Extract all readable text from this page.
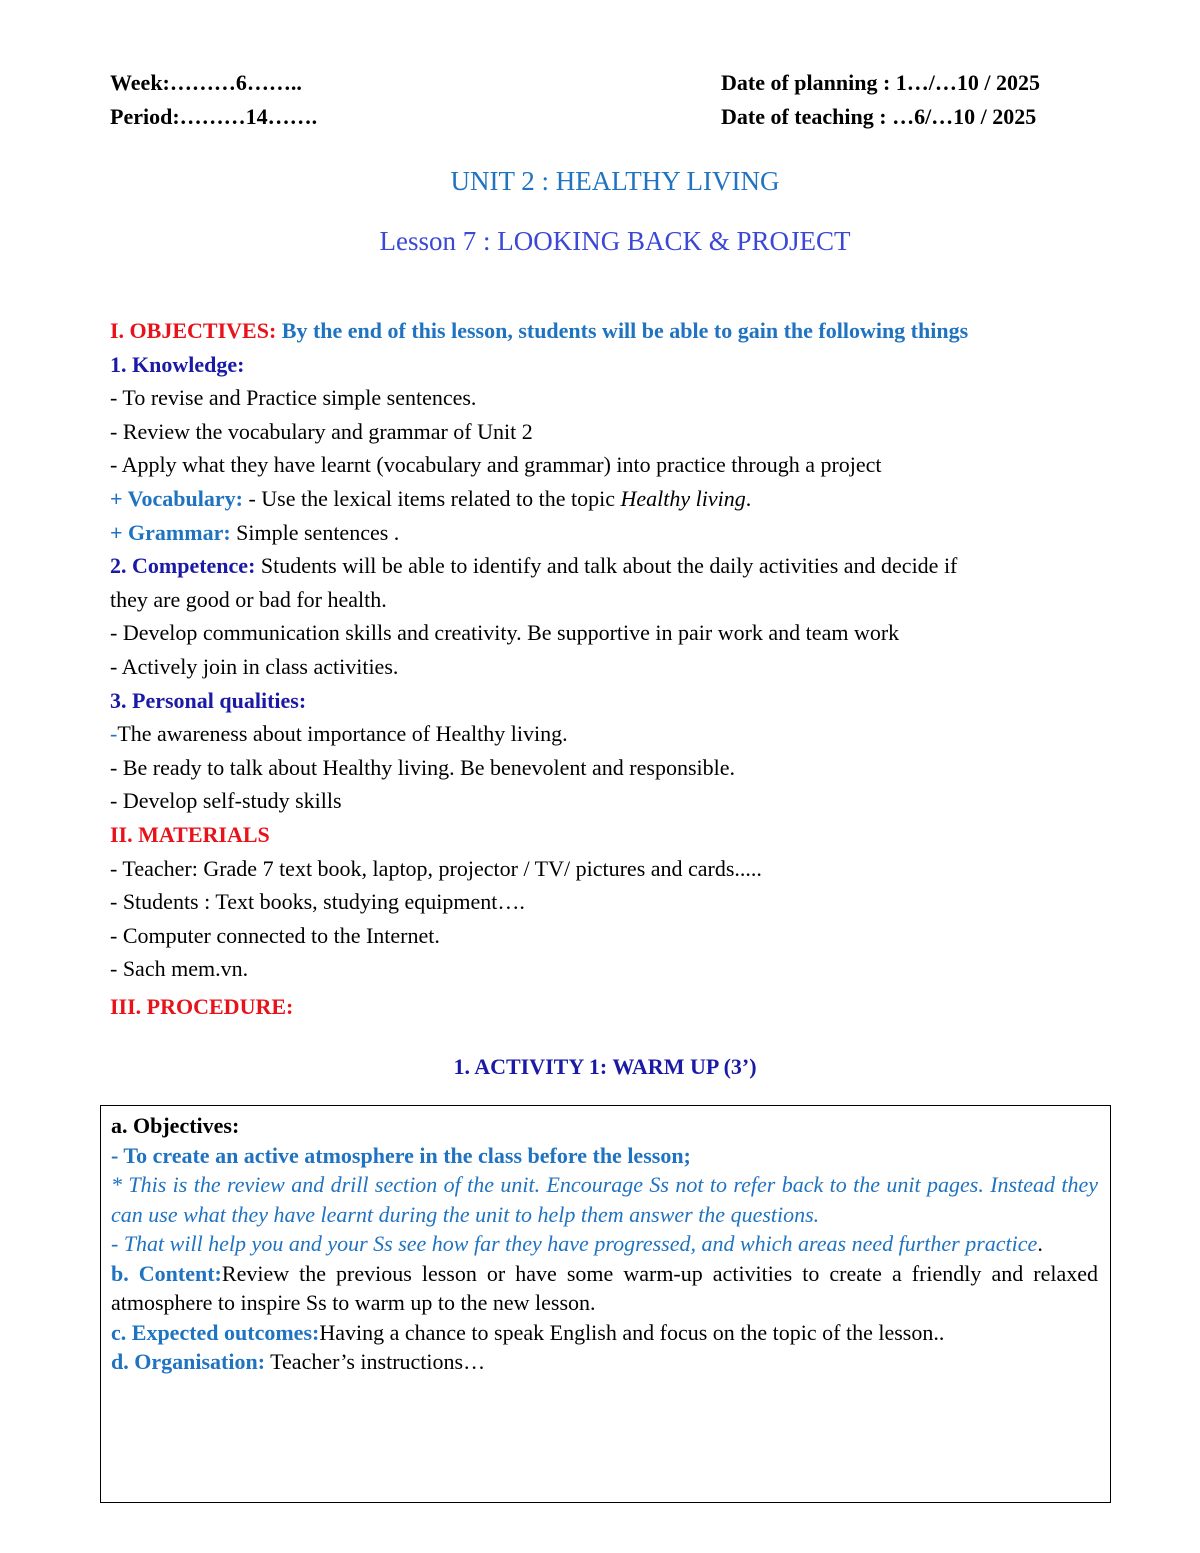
Week:………6……..
Period:………14…….
Date of planning : 1…/…10 / 2025
Date of teaching : …6/…10 / 2025
UNIT 2 : HEALTHY LIVING
Lesson 7 : LOOKING BACK & PROJECT
I. OBJECTIVES: By the end of this lesson, students will be able to gain the following things
1. Knowledge:
- To revise and Practice simple sentences.
- Review the vocabulary and grammar of Unit 2
- Apply what they have learnt (vocabulary and grammar) into practice through a project
+ Vocabulary: - Use the lexical items related to the topic Healthy living.
+ Grammar: Simple sentences .
2. Competence: Students will be able to identify and talk about the daily activities and decide if
they are good or bad for health.
- Develop communication skills and creativity. Be supportive in pair work and team work
- Actively join in class activities.
3. Personal qualities:
-The awareness about importance of Healthy living.
- Be ready to talk about Healthy living. Be benevolent and responsible.
- Develop self-study skills
II. MATERIALS
- Teacher: Grade 7 text book, laptop, projector / TV/ pictures and cards.....
- Students : Text books, studying equipment….
- Computer connected to the Internet.
- Sach mem.vn.
III. PROCEDURE:
1. ACTIVITY 1: WARM UP (3’)
a. Objectives:
- To create an active atmosphere in the class before the lesson;
* This is the review and drill section of the unit. Encourage Ss not to refer back to the unit pages. Instead they can use what they have learnt during the unit to help them answer the questions.
- That will help you and your Ss see how far they have progressed, and which areas need further practice.
b. Content:Review the previous lesson or have some warm-up activities to create a friendly and relaxed atmosphere to inspire Ss to warm up to the new lesson.
c. Expected outcomes:Having a chance to speak English and focus on the topic of the lesson..
d. Organisation: Teacher’s instructions…
